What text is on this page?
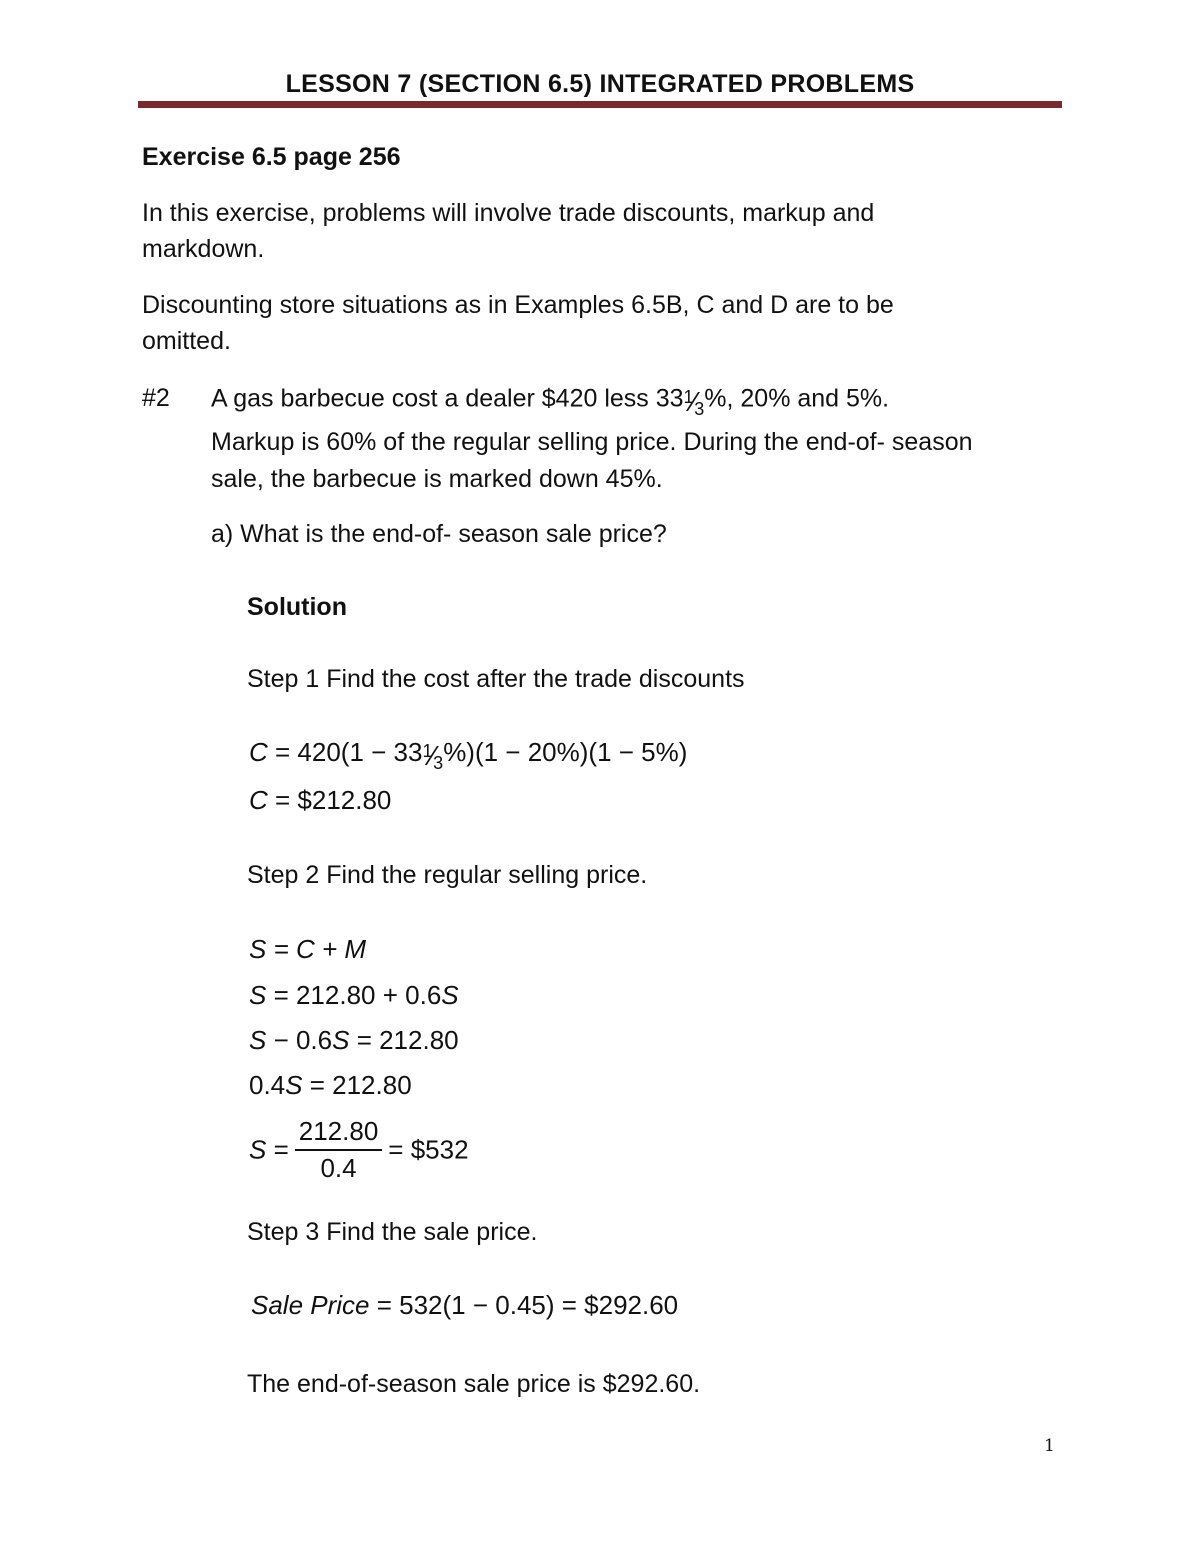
LESSON 7 (SECTION 6.5) INTEGRATED PROBLEMS
Exercise 6.5 page 256
In this exercise, problems will involve trade discounts, markup and
markdown.
Discounting store situations as in Examples 6.5B, C and D are to be
omitted.
#2 A gas barbecue cost a dealer $420 less 331⁄3%, 20% and 5%.
Markup is 60% of the regular selling price. During the end-of- season
sale, the barbecue is marked down 45%.
a) What is the end-of- season sale price?
Solution
Step 1 Find the cost after the trade discounts
C = 420(1 − 331⁄3%)(1 − 20%)(1 − 5%)
C = $212.80
Step 2 Find the regular selling price.
S = C + M
S = 212.80 + 0.6S
S − 0.6S = 212.80
0.4S = 212.80
$S = \frac{212.80}{0.4}$ = $532
Step 3 Find the sale price.
Sale Price = 532(1 − 0.45) = $292.60
The end-of-season sale price is $292.60.
1
